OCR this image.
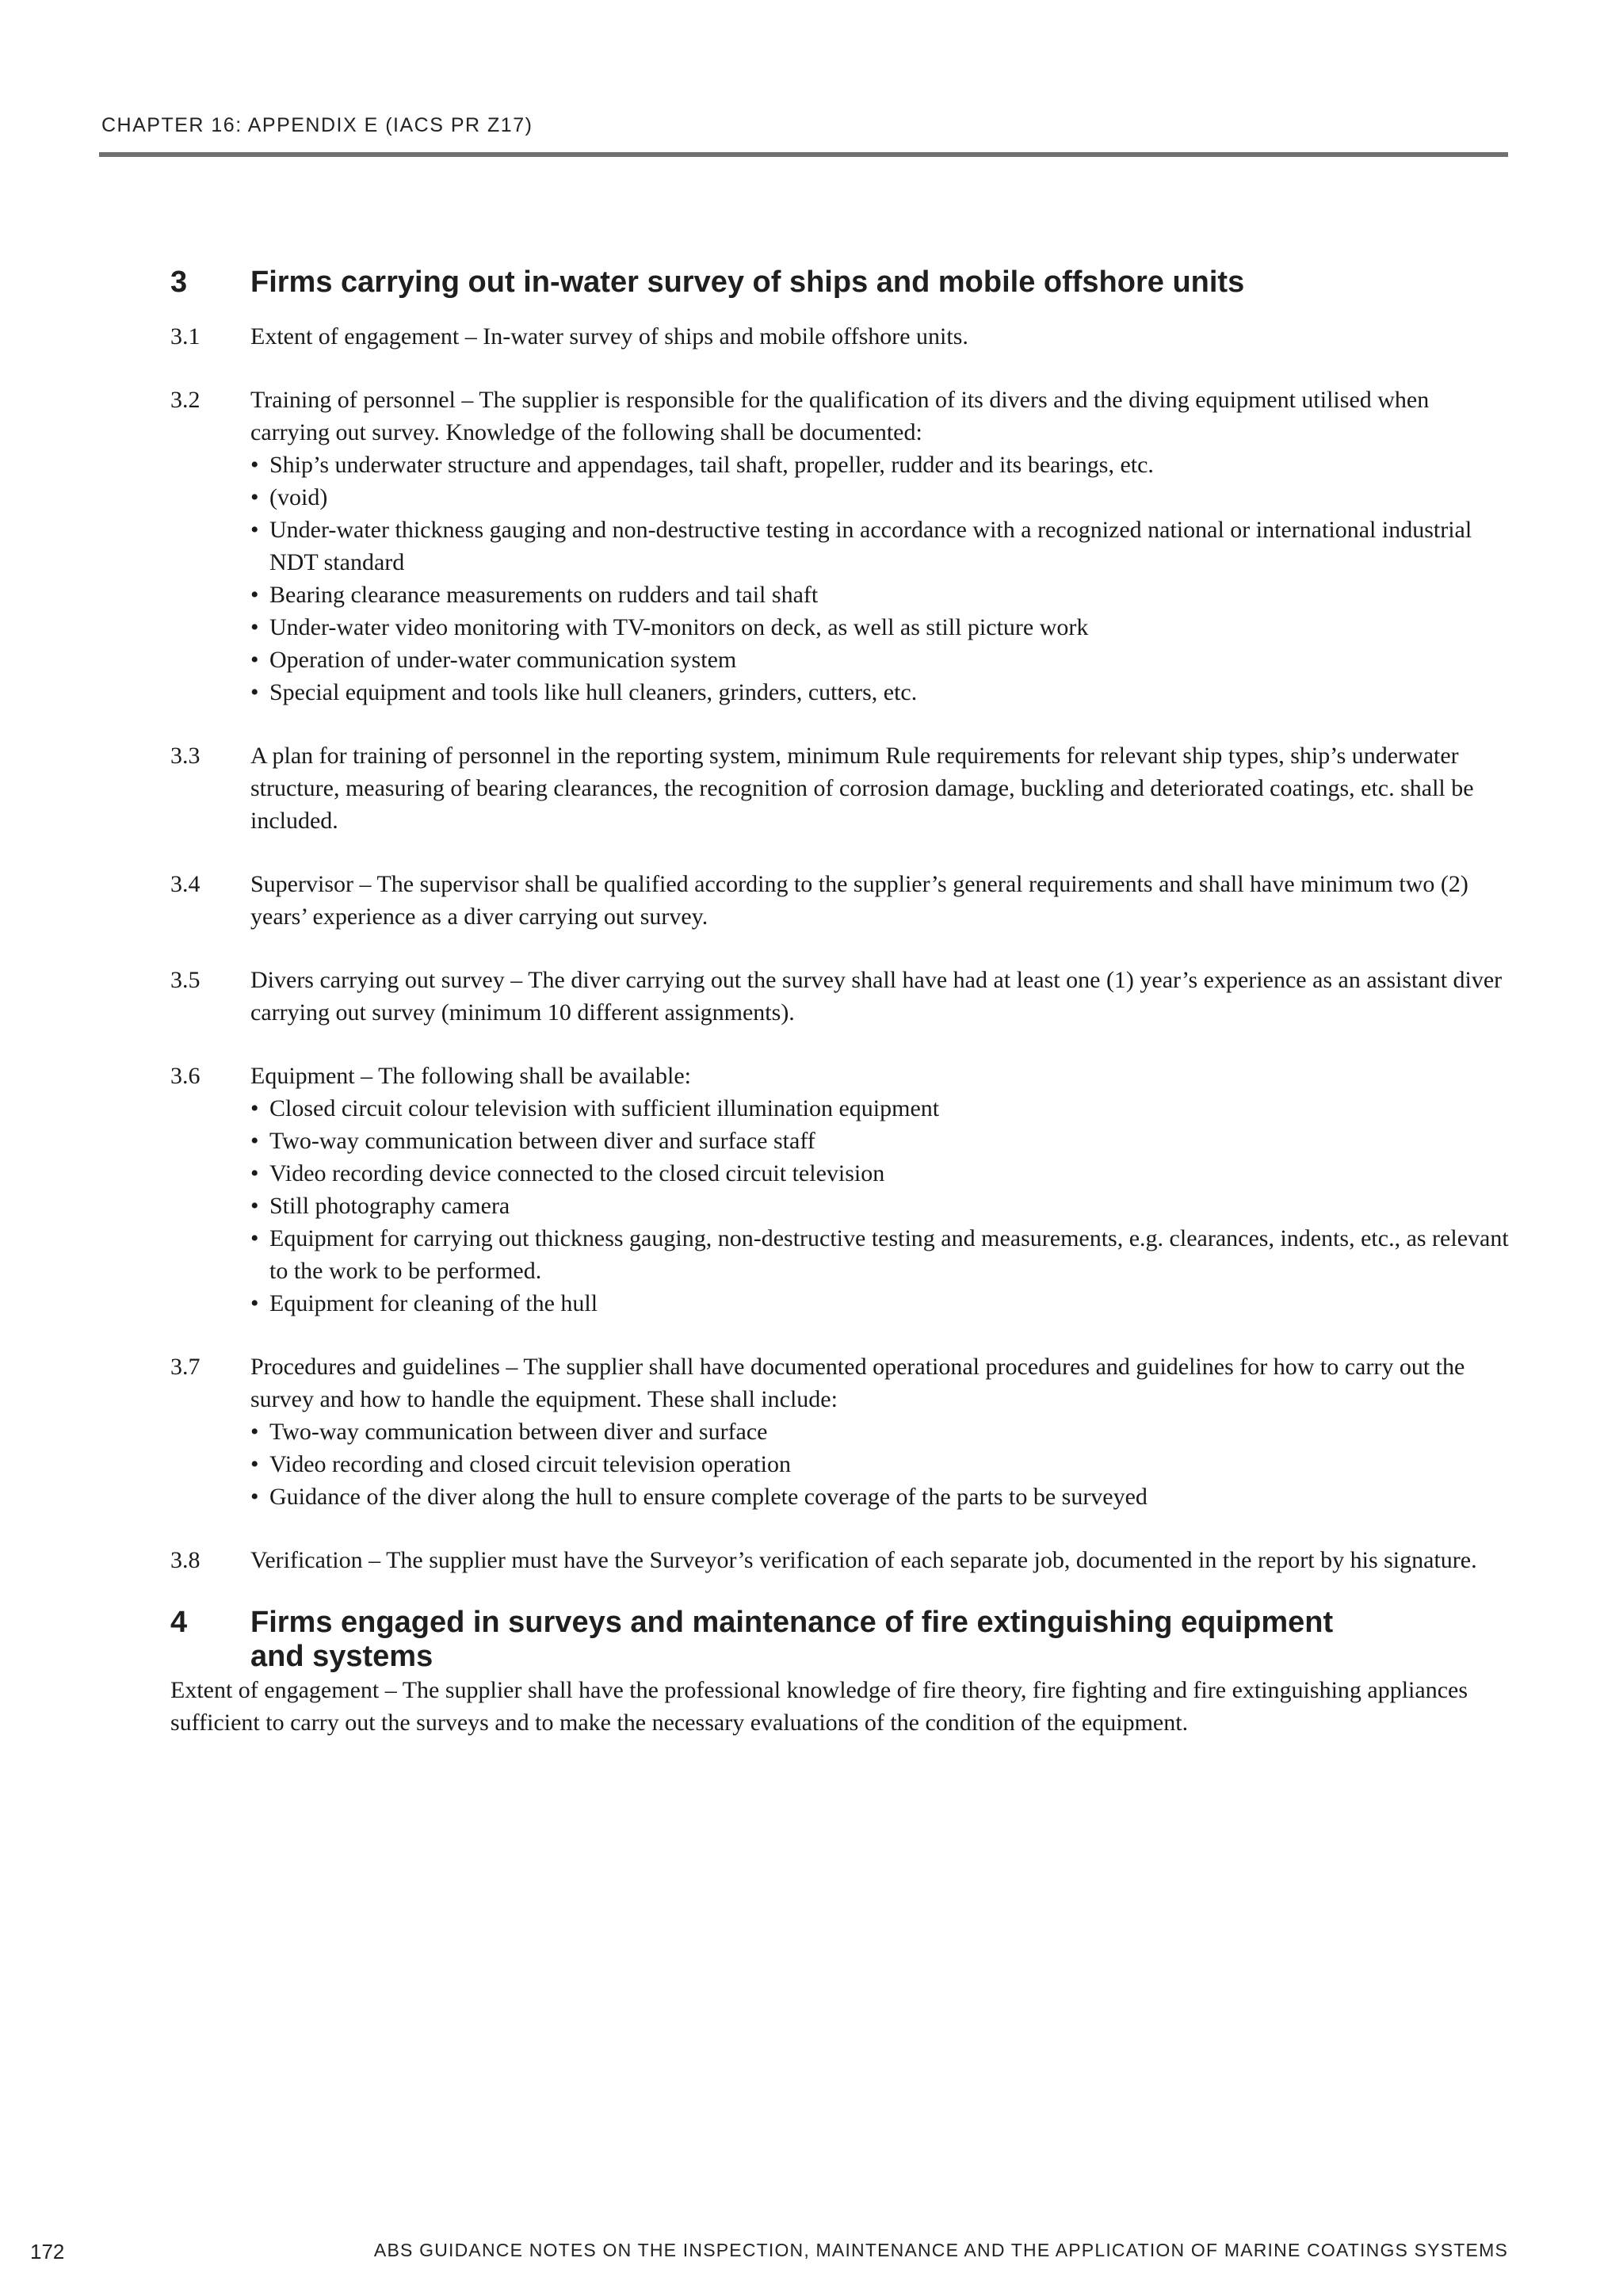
CHAPTER 16: APPENDIX E (IACS PR Z17)
3	Firms carrying out in-water survey of ships and mobile offshore units
3.1	Extent of engagement – In-water survey of ships and mobile offshore units.
3.2	Training of personnel – The supplier is responsible for the qualification of its divers and the diving equipment utilised when carrying out survey. Knowledge of the following shall be documented:
• Ship’s underwater structure and appendages, tail shaft, propeller, rudder and its bearings, etc.
• (void)
• Under-water thickness gauging and non-destructive testing in accordance with a recognized national or international industrial NDT standard
• Bearing clearance measurements on rudders and tail shaft
• Under-water video monitoring with TV-monitors on deck, as well as still picture work
• Operation of under-water communication system
• Special equipment and tools like hull cleaners, grinders, cutters, etc.
3.3	A plan for training of personnel in the reporting system, minimum Rule requirements for relevant ship types, ship’s underwater structure, measuring of bearing clearances, the recognition of corrosion damage, buckling and deteriorated coatings, etc. shall be included.
3.4	Supervisor – The supervisor shall be qualified according to the supplier’s general requirements and shall have minimum two (2) years’ experience as a diver carrying out survey.
3.5	Divers carrying out survey – The diver carrying out the survey shall have had at least one (1) year’s experience as an assistant diver carrying out survey (minimum 10 different assignments).
3.6	Equipment – The following shall be available:
• Closed circuit colour television with sufficient illumination equipment
• Two-way communication between diver and surface staff
• Video recording device connected to the closed circuit television
• Still photography camera
• Equipment for carrying out thickness gauging, non-destructive testing and measurements, e.g. clearances, indents, etc., as relevant to the work to be performed.
• Equipment for cleaning of the hull
3.7	Procedures and guidelines – The supplier shall have documented operational procedures and guidelines for how to carry out the survey and how to handle the equipment. These shall include:
• Two-way communication between diver and surface
• Video recording and closed circuit television operation
• Guidance of the diver along the hull to ensure complete coverage of the parts to be surveyed
3.8	Verification – The supplier must have the Surveyor’s verification of each separate job, documented in the report by his signature.
4	Firms engaged in surveys and maintenance of fire extinguishing equipment
and systems
Extent of engagement – The supplier shall have the professional knowledge of fire theory, fire fighting and fire extinguishing appliances sufficient to carry out the surveys and to make the necessary evaluations of the condition of the equipment.
172	ABS GUIDANCE NOTES ON THE INSPECTION, MAINTENANCE AND THE APPLICATION OF MARINE COATINGS SYSTEMS
